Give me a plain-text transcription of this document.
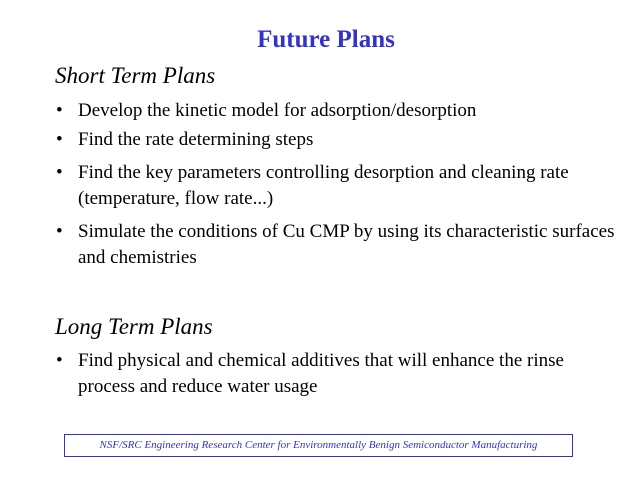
Future Plans
Short Term Plans
• Develop the kinetic model for adsorption/desorption
• Find the rate determining steps
• Find the key parameters controlling desorption and cleaning rate (temperature, flow rate...)
• Simulate the conditions of Cu CMP by using its characteristic surfaces and chemistries
Long Term Plans
• Find physical and chemical additives that will enhance the rinse process and reduce water usage
NSF/SRC Engineering Research Center for Environmentally Benign Semiconductor Manufacturing
